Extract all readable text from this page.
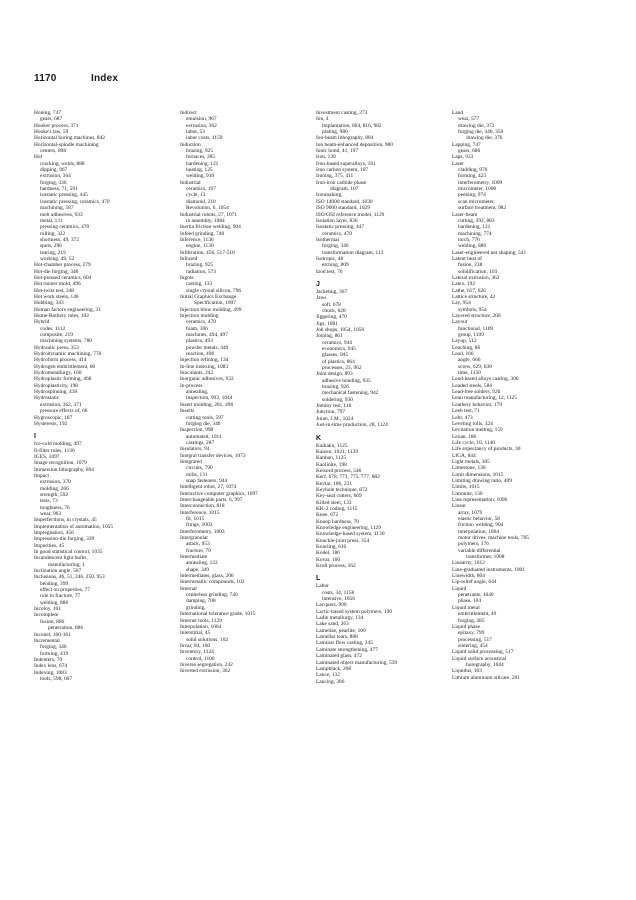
1170	Index
Honing, 747
gears, 687
Hooker process, 371
Hooke's law, 59
Horizontal boring machines, 842
Horizontal-spindle machining
centers, 898
Hot
cracking, welds, 888
dipping, 967
extrusion, 364
forging, 336
hardness, 71, 591
isostatic pressing, 445
isostatic pressing, ceramics, 470
machining, 587
melt adhesives, 933
metal, 131
pressing ceramics, 470
rolling, 322
shortness, 49, 372
spots, 296
tearing, 219
working, 49, 52
Hot-chamber process, 279
Hot-die forging, 346
Hot-pressed ceramics, 604
Hot runner mold, 496
Hot-twist test, 348
Hot work steels, 146
Hubbing, 343
Human factors engineering, 31
Hume-Rothery rules, 102
Hybrid
codes, 1112
composite, 219
machining systems, 780
Hydraulic press, 353
Hydrodynamic machining, 778
Hydroform process, 414
Hydrogen embrittlement, 80
Hydrometallurgy, 160
Hydroplastic forming, 468
Hydroplasticity, 198
Hydrospinning, 418
Hydrostatic
extrusion, 362, 371
pressure effects of, 66
Hygroscopic, 187
Hysteresis, 192
I
Ice-cold molding, 497
Il-filter rules, 1130
IGES, 1097
Image recognition, 1079
Immersion lithography, 804
Impact
extrusion, 370
molding, 266
strength, 592
tests, 73
toughness, 76
wear, 963
Imperfections, in crystals, 45
Implementation of automation, 1055
Impregnation, 456
Impression-die forging, 339
Impurities, 45
In good statistical control, 1035
Incandescent light bulbs,
manufacturing, 1
Inclination angle, 567
Inclusions, 46, 51, 246, 250, 953
bending, 399
effect on properties, 77
role in fracture, 77
welding, 886
Incoloy, 161
Incomplete
fusion, 886
penetration, 886
Inconel, 160-161
Incremental
forging, 346
forming, 419
Indenters, 70
Index lens, 674
Indexing, 1083
tools, 598, 607
Indirect
emulsion, 967
extrusion, 362
labor, 53
labor costs, 1159
Induction
brazing, 925
furnaces, 285
hardening, 121
heating, 125
welding, 910
Industrial
ceramics, 197
cycle, 13
diamond, 210
Revolution, 6, 1054
Industrial robots, 27, 1071
in assembly, 1084
Inertia friction welding, 904
Infeed grinding, 740
Inference, 1130
engine, 1130
Infiltration, 456, 517-518
Infrared
brazing, 925
radiation, 573
Ingots
casting, 133
single crystal silicon, 796
Initial Graphics Exchange
Specification, 1097
Injection blow molding, 499
Injection molding
ceramics, 470
foam, 306
machines, 494, 497
plastics, 493
powder metals, 449
reaction, 496
Injection refining, 134
In-line indexing, 1083
Inoculants, 242
Inorganic adhesives, 932
In-process
annealing,
inspection, 993, 1044
Insert molding, 281, 496
Inserts
cutting tools, 597
forging die, 340
Inspection, 998
automated, 1011
castings, 287
Insulators, 94
Integral transfer devices, 1073
Integrated
circuits, 790
mills, 131
snap fasteners, 944
Intelligent robot, 27, 1074
Interactive computer graphics, 1097
Interchangeable parts, 6, 997
Interconnection, 818
Interference, 1015
fit, 1015
fringe, 1003
Interferometry, 1003
Intergranular
attack, 953
fracture, 79
Intermediate
annealing, 122
shape, 349
Intermediates, glass, 206
Intermetallic compounds, 102
Internal
centerless grinding, 740
damping, 708
grinding,
International tolerance grade, 1015
Internet tools, 1129
Interpolation, 1064
Interstitial, 45
solid solutions, 102
Invar, 94, 160
Inventory, 1124
control, 1106
Inverse segregation, 242
Inverted extrusion, 362
Investment casting, 273
Ion, 4
implantation, 604, 816, 982
plating, 980
Ion-beam lithography, 804
Ion beam-enhanced deposition, 980
Ionic bond, 41, 197
Iron, 130
Iron-based superalloys, 161
Iron carbon system, 107
Ironing, 375, 411
Iron-iron carbide phase
diagram, 107
Ironmaking,
ISO 14000 standard, 1030
ISO 9000 standard, 1029
ISO/OSI reference model, 1129
Isolation layer, 836
Isostatic pressing, 447
ceramics, 470
Isothermal
forging, 346
transformation diagram, 113
Isotropic, 48
etching, 809
Izod test, 76
J
Jacketing, 367
Jaws
soft, 678
chuck, 628
Jiggering, 470
Jigs, 1081
Job shops, 1054, 1056
Joining, 861
ceramics, 944
economics, 945
glasses, 945
of plastics, 864
processes, 23, 962
Joint design, 893
adhesive bonding, 935
brazing, 926
mechanical fastening, 942
soldering, 930
Jominy test, 116
Junction, 797
Juran, J.M., 1024
Just-in-time production, 28, 1124
K
Kaikaku, 1125
Kaizen, 1021, 1139
Kanban, 1125
Kaolinite, 198
Kelsord process, 546
Kerf, 678, 773, 775, 777, 882
Kevlar, 186, 221
Keyhole technique, 872
Key-seat cutters, 669
Killed steel, 133
KK-3 coding, 1115
Knee, 672
Knoop hardness, 70
Knowledge engineering, 1129
Knowledge-based system, 1130
Knuckle-joint press, 354
Knurling, 616
Kodel, 186
Kovar, 160
Kroll process, 162
L
Labor
costs, 34, 1158
intensive, 1056
Lacquers, 990
Lactic-based system polymers, 190
Ladle metallurgy, 134
Lake sand, 263
Lamellae, pearlite, 109
Lamellar tears, 888
Laminar flow casting, 245
Laminate strengthening, 477
Laminated glass, 472
Laminated object manufacturing, 539
Lampblack, 208
Lance, 132
Lancing, 386
Land
wear, 577
drawing die, 372
forging die, 340, 350
drawing die, 376
Lapping, 747
gears, 686
Laps, 933
Laser
cladding, 976
forming, 423
interferometry, 1009
micrometer, 1008
peening, 974
scan micrometer,
surface treatment, 982
Laser-beam
cutting, 392, 883
hardening, 121
machining, 774
torch, 776
welding, 880
Laser-engineered net shaping, 541
Latent heat of
fusion, 238
solidification, 103
Lateral extrusion, 362
Latex, 192
Lathe, 617, 626
Lattice structure, 42
Lay, 954
symbols, 954
Layered structure, 208
Layout
functional, 1109
group, 1109
Layup, 512
Leaching, 86
Lead, 166
angle, 666
screw, 629, 630
time, 1150
Lead-based alloys casting, 306
Leaded steels, 584
Lead-free solders, 926
Lean manufacturing, 12, 1125
Leathery behavior, 179
Leeb test, 71
Lehr, 473
Leveling rolls, 324
Levitation melting, 159
Lexan, 186
Life cycle, 10, 1140
Life expectancy of products, 30
LIGA, 844
Light metals, 305
Limestone, 130
Limit dimensions, 1015
Limiting drawing ratio, 409
Limits, 1015
Limonite, 130
Line representation, 1096
Linear
array, 1079
elastic behavior, 58
friction welding, 904
interpolation, 1064
motor drives, machine tools, 705
polymers, 176
variable differential
transformer, 1008
Linearity, 1012
Line-graduated instruments, 1001
Linewidth, 804
Lip-relief angle, 644
Liquid
penetrants, 1040
phase, 104
Liquid metal
embrittlement, 49
forging, 285
Liquid phase
epitaxy, 799
processing, 517
sintering, 454
Liquid solid processing, 517
Liquid surface acoustical
holography, 1044
Liquidus, 103
Lithium aluminum silicate, 201
